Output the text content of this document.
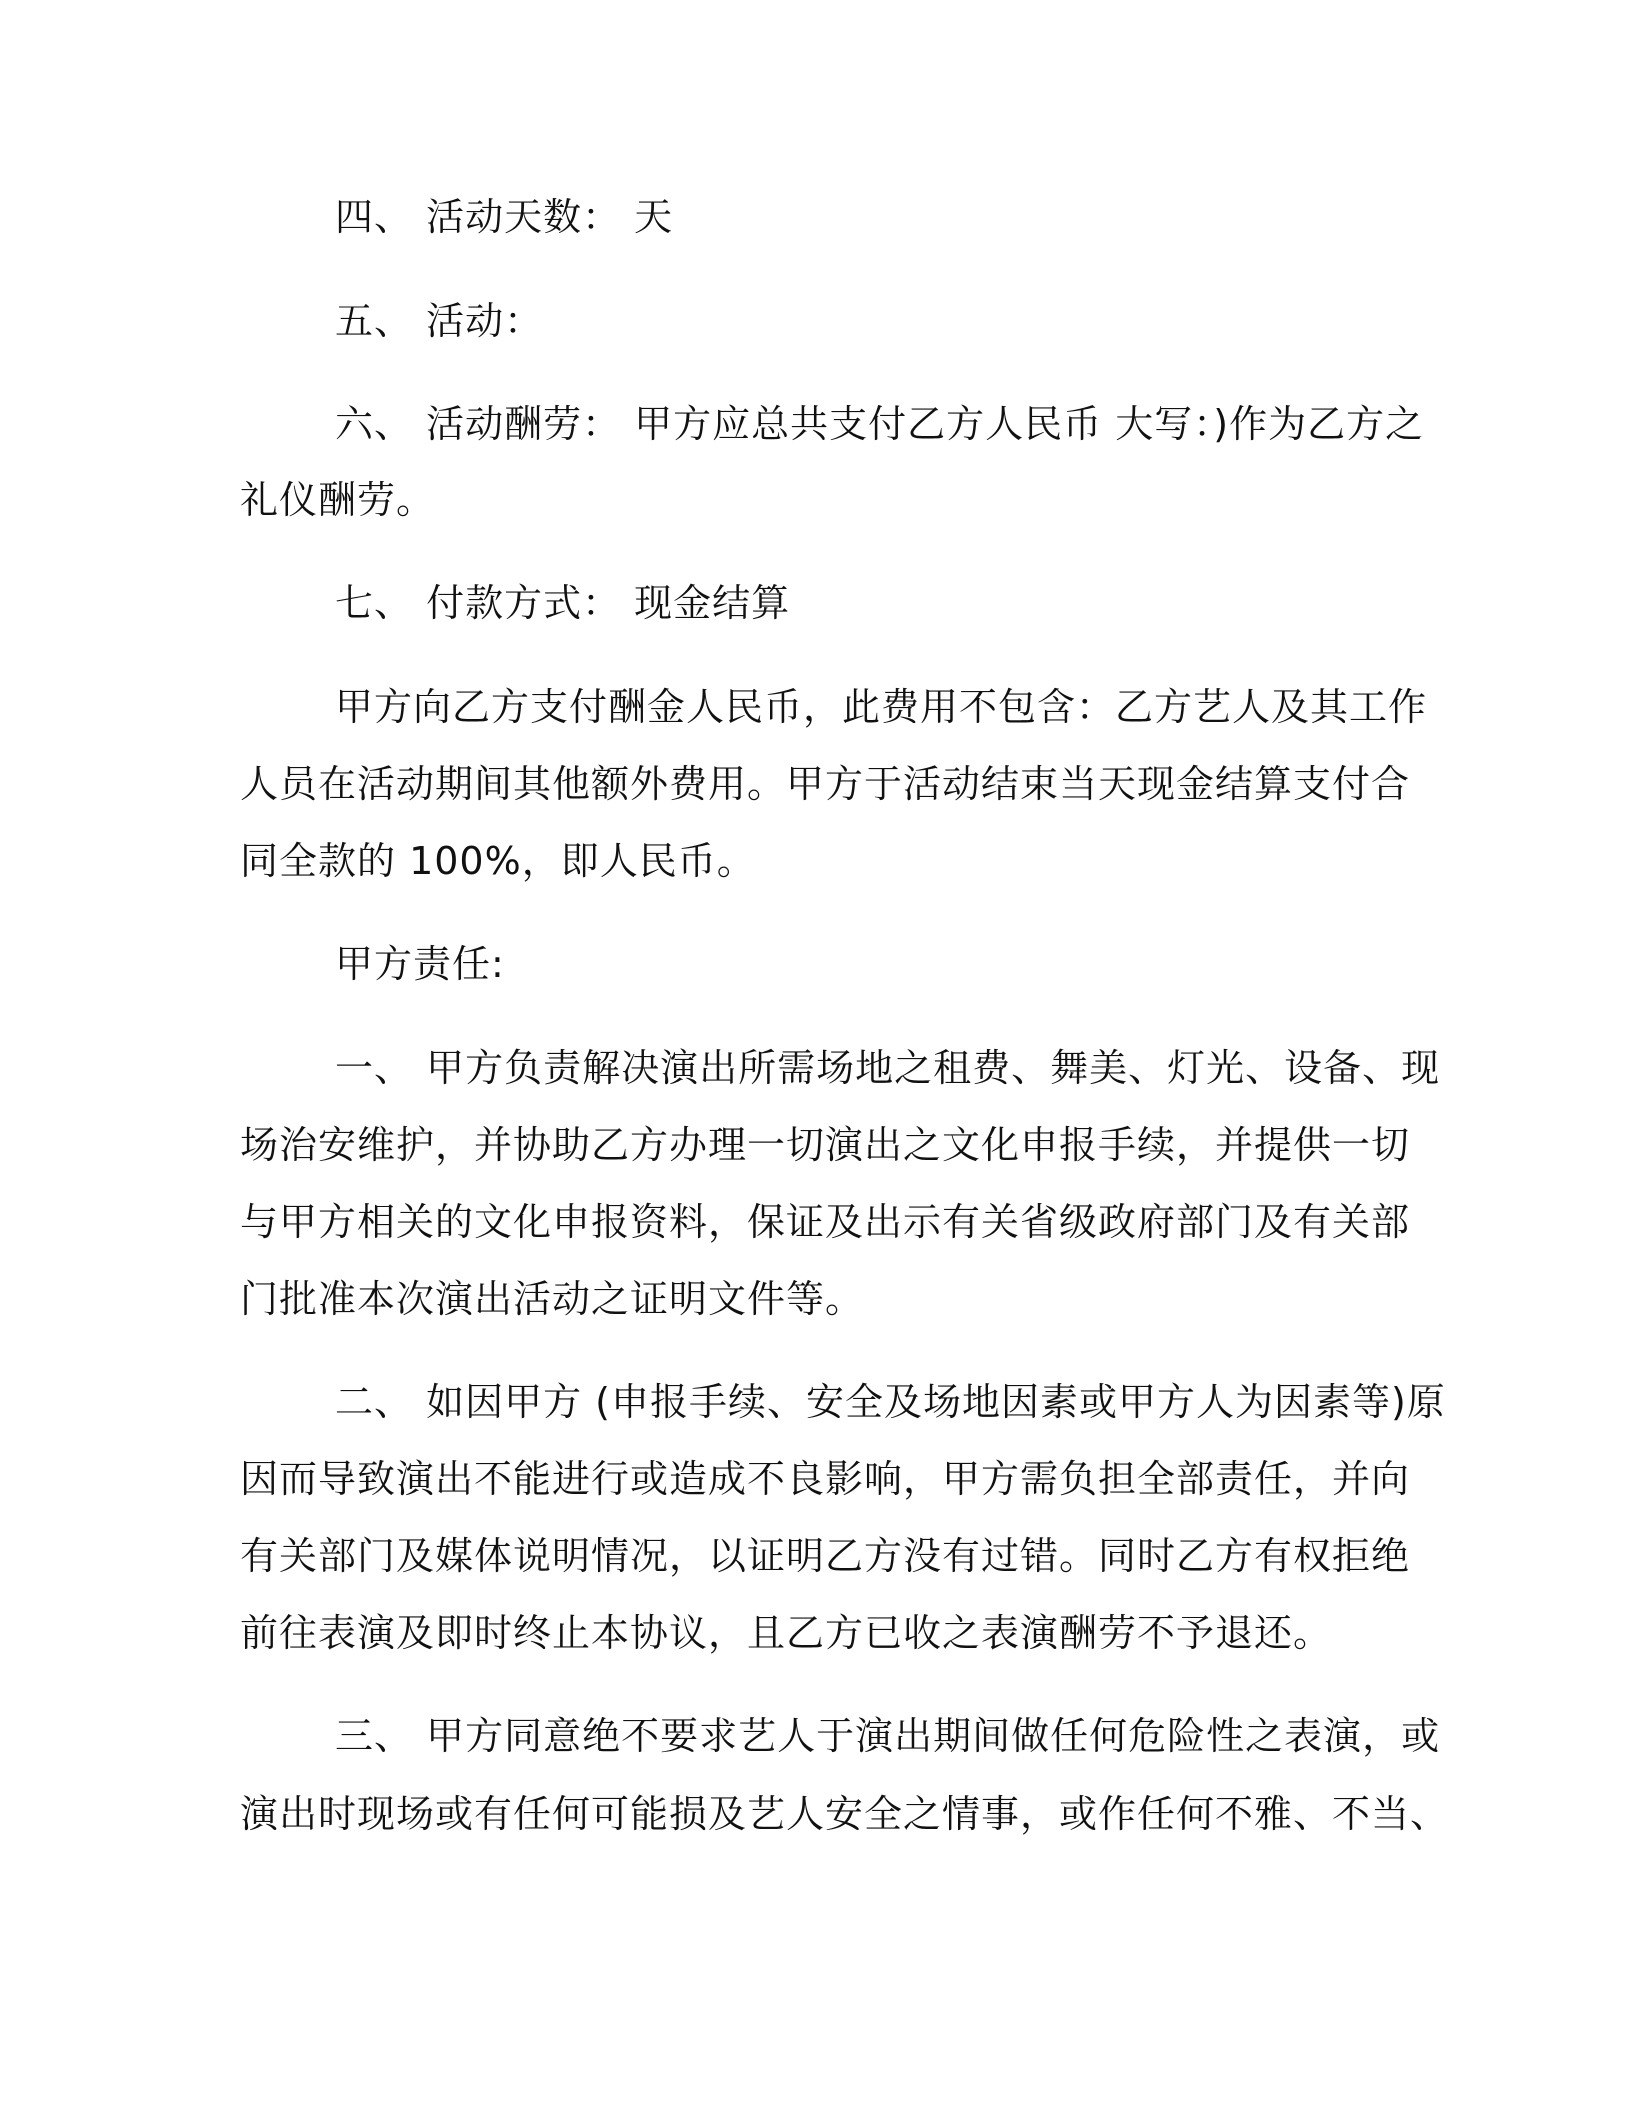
四、 活动天数： 天
五、 活动：
六、 活动酬劳： 甲方应总共支付乙方人民币 大写：)作为乙方之
礼仪酬劳。
七、 付款方式： 现金结算
甲方向乙方支付酬金人民币，此费用不包含：乙方艺人及其工作
人员在活动期间其他额外费用。甲方于活动结束当天现金结算支付合
同全款的 100%，即人民币。
甲方责任:
一、 甲方负责解决演出所需场地之租费、舞美、灯光、设备、现
场治安维护，并协助乙方办理一切演出之文化申报手续，并提供一切
与甲方相关的文化申报资料，保证及出示有关省级政府部门及有关部
门批准本次演出活动之证明文件等。
二、 如因甲方 (申报手续、安全及场地因素或甲方人为因素等)原
因而导致演出不能进行或造成不良影响，甲方需负担全部责任，并向
有关部门及媒体说明情况，以证明乙方没有过错。同时乙方有权拒绝
前往表演及即时终止本协议，且乙方已收之表演酬劳不予退还。
三、 甲方同意绝不要求艺人于演出期间做任何危险性之表演，或
演出时现场或有任何可能损及艺人安全之情事，或作任何不雅、不当、
